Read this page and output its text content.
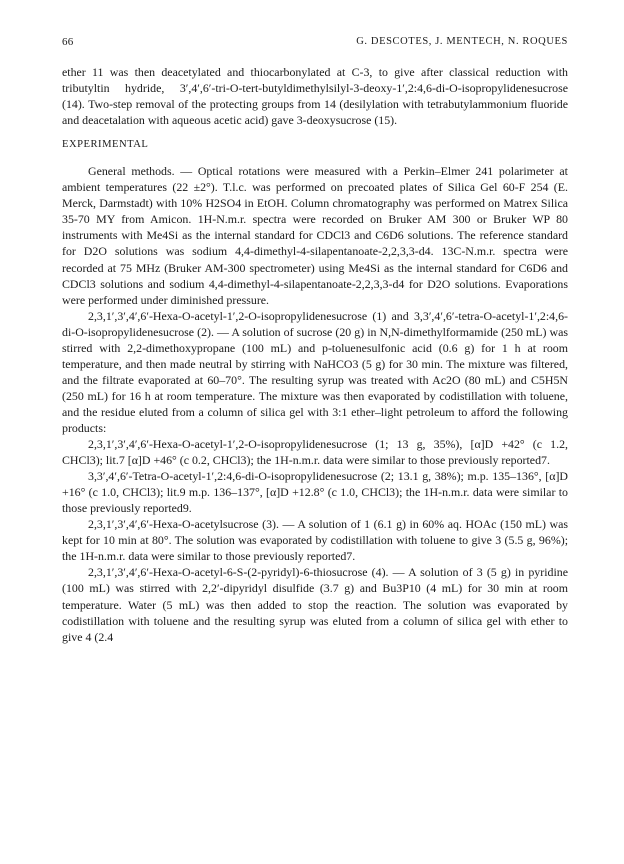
66	G. DESCOTES, J. MENTECH, N. ROQUES

ether 11 was then deacetylated and thiocarbonylated at C-3, to give after classical reduction with tributyltin hydride, 3′,4′,6′-tri-O-tert-butyldimethylsilyl-3-deoxy-1′,2:4,6-di-O-isopropylidenesucrose (14). Two-step removal of the protecting groups from 14 (desilylation with tetrabutylammonium fluoride and deacetalation with aqueous acetic acid) gave 3-deoxysucrose (15).

EXPERIMENTAL

General methods. — Optical rotations were measured with a Perkin–Elmer 241 polarimeter at ambient temperatures (22 ±2°). T.l.c. was performed on precoated plates of Silica Gel 60-F 254 (E. Merck, Darmstadt) with 10% H2SO4 in EtOH. Column chromatography was performed on Matrex Silica 35-70 MY from Amicon. 1H-N.m.r. spectra were recorded on Bruker AM 300 or Bruker WP 80 instruments with Me4Si as the internal standard for CDCl3 and C6D6 solutions. The reference standard for D2O solutions was sodium 4,4-dimethyl-4-silapentanoate-2,2,3,3-d4. 13C-N.m.r. spectra were recorded at 75 MHz (Bruker AM-300 spectrometer) using Me4Si as the internal standard for C6D6 and CDCl3 solutions and sodium 4,4-dimethyl-4-silapentanoate-2,2,3,3-d4 for D2O solutions. Evaporations were performed under diminished pressure.

2,3,1′,3′,4′,6′-Hexa-O-acetyl-1′,2-O-isopropylidenesucrose (1) and 3,3′,4′,6′-tetra-O-acetyl-1′,2:4,6-di-O-isopropylidenesucrose (2). — A solution of sucrose (20 g) in N,N-dimethylformamide (250 mL) was stirred with 2,2-dimethoxypropane (100 mL) and p-toluenesulfonic acid (0.6 g) for 1 h at room temperature, and then made neutral by stirring with NaHCO3 (5 g) for 30 min. The mixture was filtered, and the filtrate evaporated at 60–70°. The resulting syrup was treated with Ac2O (80 mL) and C5H5N (250 mL) for 16 h at room temperature. The mixture was then evaporated by codistillation with toluene, and the residue eluted from a column of silica gel with 3:1 ether–light petroleum to afford the following products:

2,3,1′,3′,4′,6′-Hexa-O-acetyl-1′,2-O-isopropylidenesucrose (1; 13 g, 35%), [α]D +42° (c 1.2, CHCl3); lit.7 [α]D +46° (c 0.2, CHCl3); the 1H-n.m.r. data were similar to those previously reported7.

3,3′,4′,6′-Tetra-O-acetyl-1′,2:4,6-di-O-isopropylidenesucrose (2; 13.1 g, 38%); m.p. 135–136°, [α]D +16° (c 1.0, CHCl3); lit.9 m.p. 136–137°, [α]D +12.8° (c 1.0, CHCl3); the 1H-n.m.r. data were similar to those previously reported9.

2,3,1′,3′,4′,6′-Hexa-O-acetylsucrose (3). — A solution of 1 (6.1 g) in 60% aq. HOAc (150 mL) was kept for 10 min at 80°. The solution was evaporated by codistillation with toluene to give 3 (5.5 g, 96%); the 1H-n.m.r. data were similar to those previously reported7.

2,3,1′,3′,4′,6′-Hexa-O-acetyl-6-S-(2-pyridyl)-6-thiosucrose (4). — A solution of 3 (5 g) in pyridine (100 mL) was stirred with 2,2′-dipyridyl disulfide (3.7 g) and Bu3P10 (4 mL) for 30 min at room temperature. Water (5 mL) was then added to stop the reaction. The solution was evaporated by codistillation with toluene and the resulting syrup was eluted from a column of silica gel with ether to give 4 (2.4
